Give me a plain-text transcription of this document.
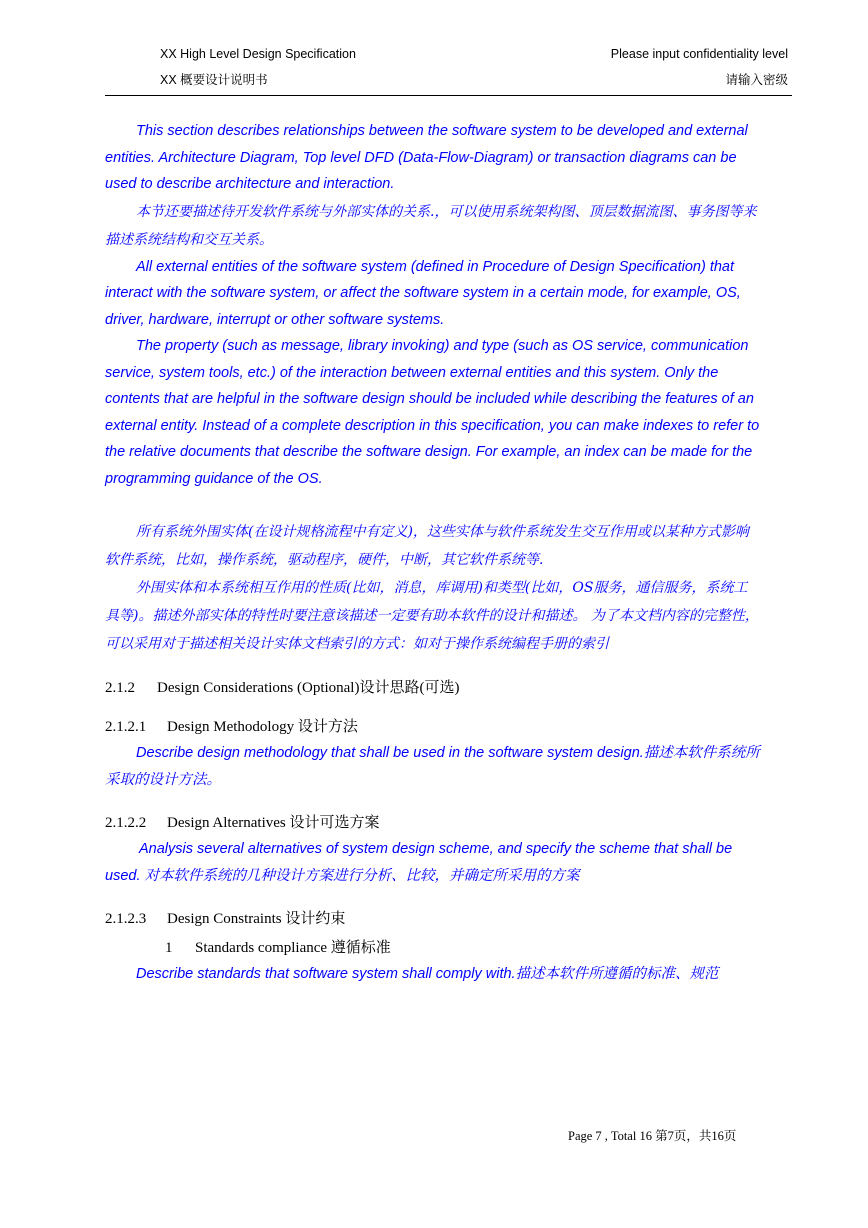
XX High Level Design Specification
XX 概要设计说明书
Please input confidentiality level
请输入密级

This section describes relationships between the software system to be developed and external entities. Architecture Diagram, Top level DFD (Data-Flow-Diagram) or transaction diagrams can be used to describe architecture and interaction.

本节还要描述待开发软件系统与外部实体的关系.，可以使用系统架构图、顶层数据流图、事务图等来描述系统结构和交互关系。

All external entities of the software system (defined in Procedure of Design Specification) that interact with the software system, or affect the software system in a certain mode, for example, OS, driver, hardware, interrupt or other software systems.

The property (such as message, library invoking) and type (such as OS service, communication service, system tools, etc.) of the interaction between external entities and this system. Only the contents that are helpful in the software design should be included while describing the features of an external entity. Instead of a complete description in this specification, you can make indexes to refer to the relative documents that describe the software design. For example, an index can be made for the programming guidance of the OS.

所有系统外围实体(在设计规格流程中有定义)，这些实体与软件系统发生交互作用或以某种方式影响软件系统，比如，操作系统，驱动程序，硬件，中断，其它软件系统等.

外围实体和本系统相互作用的性质(比如，消息，库调用)和类型(比如，OS服务，通信服务，系统工具等)。描述外部实体的特性时要注意该描述一定要有助本软件的设计和描述。 为了本文档内容的完整性，可以采用对于描述相关设计实体文档索引的方式：如对于操作系统编程手册的索引

2.1.2 Design Considerations (Optional)设计思路(可选)

2.1.2.1 Design Methodology 设计方法

Describe design methodology that shall be used in the software system design.描述本软件系统所采取的设计方法。

2.1.2.2 Design Alternatives 设计可选方案

Analysis several alternatives of system design scheme, and specify the scheme that shall be used. 对本软件系统的几种设计方案进行分析、比较，并确定所采用的方案

2.1.2.3 Design Constraints 设计约束

1 Standards compliance 遵循标准

Describe standards that software system shall comply with.描述本软件所遵循的标准、规范

Page 7 , Total 16 第7页，共16页
